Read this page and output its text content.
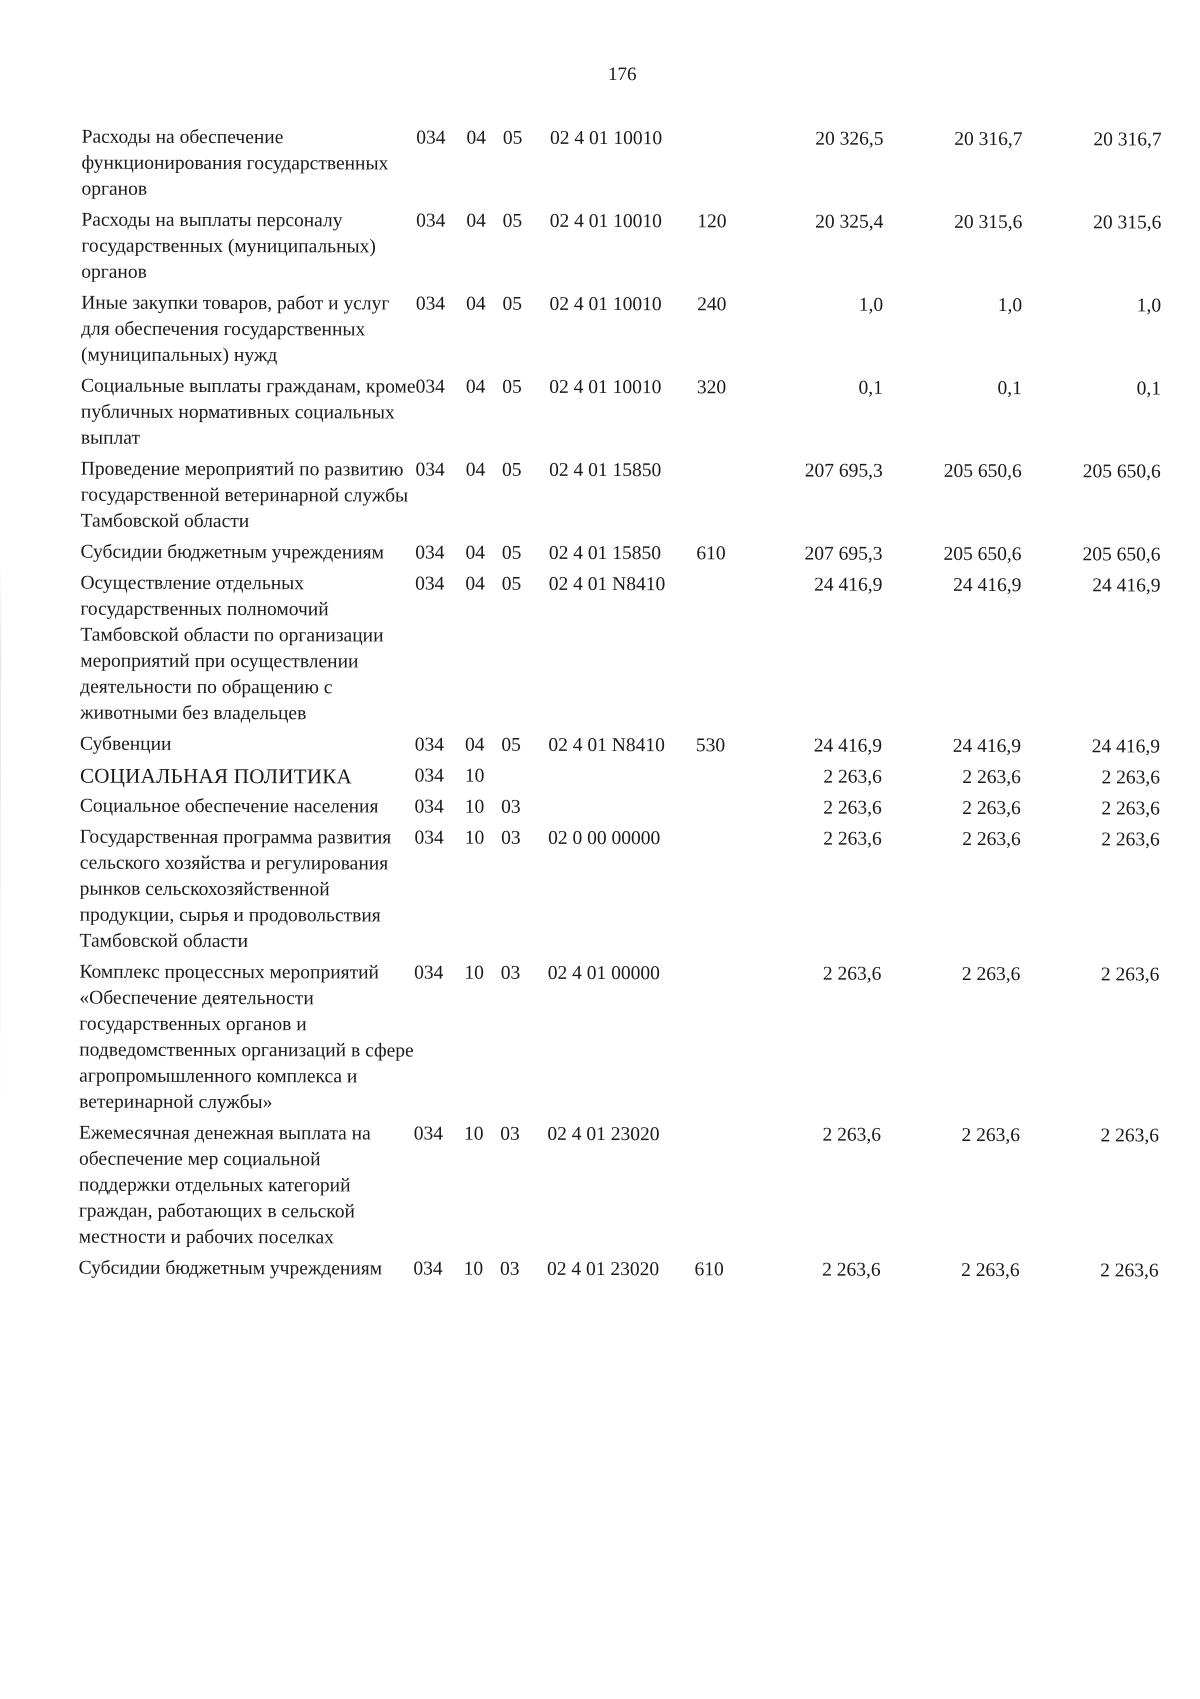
176
Расходы на обеспечение функционирования государственных органов	034	04	05	02 4 01 10010		20 326,5	20 316,7	20 316,7
Расходы на выплаты персоналу государственных (муниципальных) органов	034	04	05	02 4 01 10010	120	20 325,4	20 315,6	20 315,6
Иные закупки товаров, работ и услуг для обеспечения государственных (муниципальных) нужд	034	04	05	02 4 01 10010	240	1,0	1,0	1,0
Социальные выплаты гражданам, кроме публичных нормативных социальных выплат	034	04	05	02 4 01 10010	320	0,1	0,1	0,1
Проведение мероприятий по развитию государственной ветеринарной службы Тамбовской области	034	04	05	02 4 01 15850		207 695,3	205 650,6	205 650,6
Субсидии бюджетным учреждениям	034	04	05	02 4 01 15850	610	207 695,3	205 650,6	205 650,6
Осуществление отдельных государственных полномочий Тамбовской области по организации мероприятий при осуществлении деятельности по обращению с животными без владельцев	034	04	05	02 4 01 N8410		24 416,9	24 416,9	24 416,9
Субвенции	034	04	05	02 4 01 N8410	530	24 416,9	24 416,9	24 416,9
СОЦИАЛЬНАЯ ПОЛИТИКА	034	10				2 263,6	2 263,6	2 263,6
Социальное обеспечение населения	034	10	03			2 263,6	2 263,6	2 263,6
Государственная программа развития сельского хозяйства и регулирования рынков сельскохозяйственной продукции, сырья и продовольствия Тамбовской области	034	10	03	02 0 00 00000		2 263,6	2 263,6	2 263,6
Комплекс процессных мероприятий «Обеспечение деятельности государственных органов и подведомственных организаций в сфере агропромышленного комплекса и ветеринарной службы»	034	10	03	02 4 01 00000		2 263,6	2 263,6	2 263,6
Ежемесячная денежная выплата на обеспечение мер социальной поддержки отдельных категорий граждан, работающих в сельской местности и рабочих поселках	034	10	03	02 4 01 23020		2 263,6	2 263,6	2 263,6
Субсидии бюджетным учреждениям	034	10	03	02 4 01 23020	610	2 263,6	2 263,6	2 263,6
